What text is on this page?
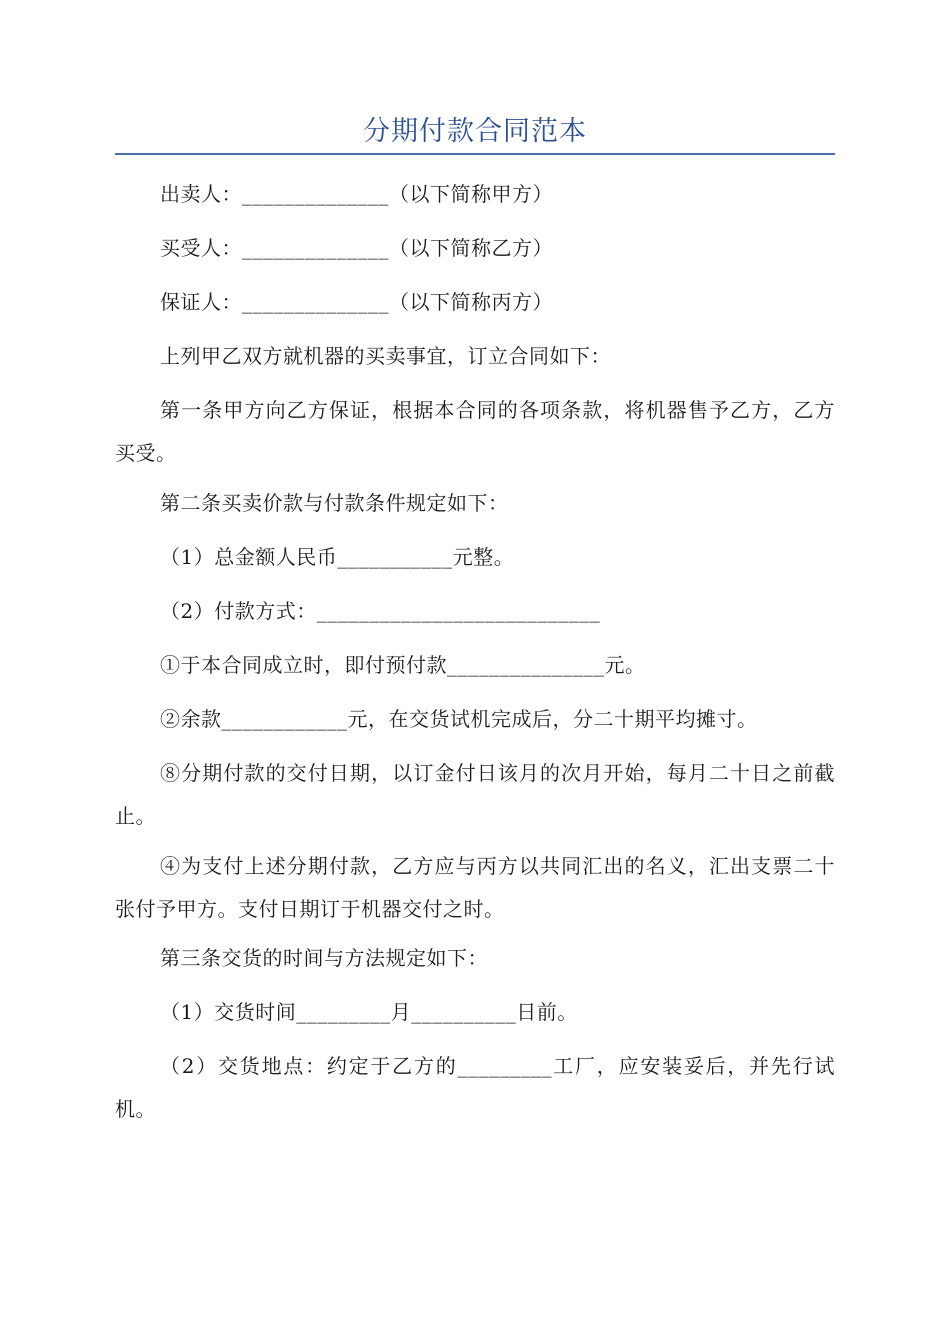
分期付款合同范本

出卖人：______________（以下简称甲方）

买受人：______________（以下简称乙方）

保证人：______________（以下简称丙方）

上列甲乙双方就机器的买卖事宜，订立合同如下：

第一条甲方向乙方保证，根据本合同的各项条款，将机器售予乙方，乙方买受。

第二条买卖价款与付款条件规定如下：

（1）总金额人民币___________元整。

（2）付款方式：___________________________

①于本合同成立时，即付预付款_______________元。

②余款____________元，在交货试机完成后，分二十期平均摊寸。

⑧分期付款的交付日期，以订金付日该月的次月开始，每月二十日之前截止。

④为支付上述分期付款，乙方应与丙方以共同汇出的名义，汇出支票二十张付予甲方。支付日期订于机器交付之时。

第三条交货的时间与方法规定如下：

（1）交货时间_________月__________日前。

（2）交货地点：约定于乙方的_________工厂，应安装妥后，并先行试机。
